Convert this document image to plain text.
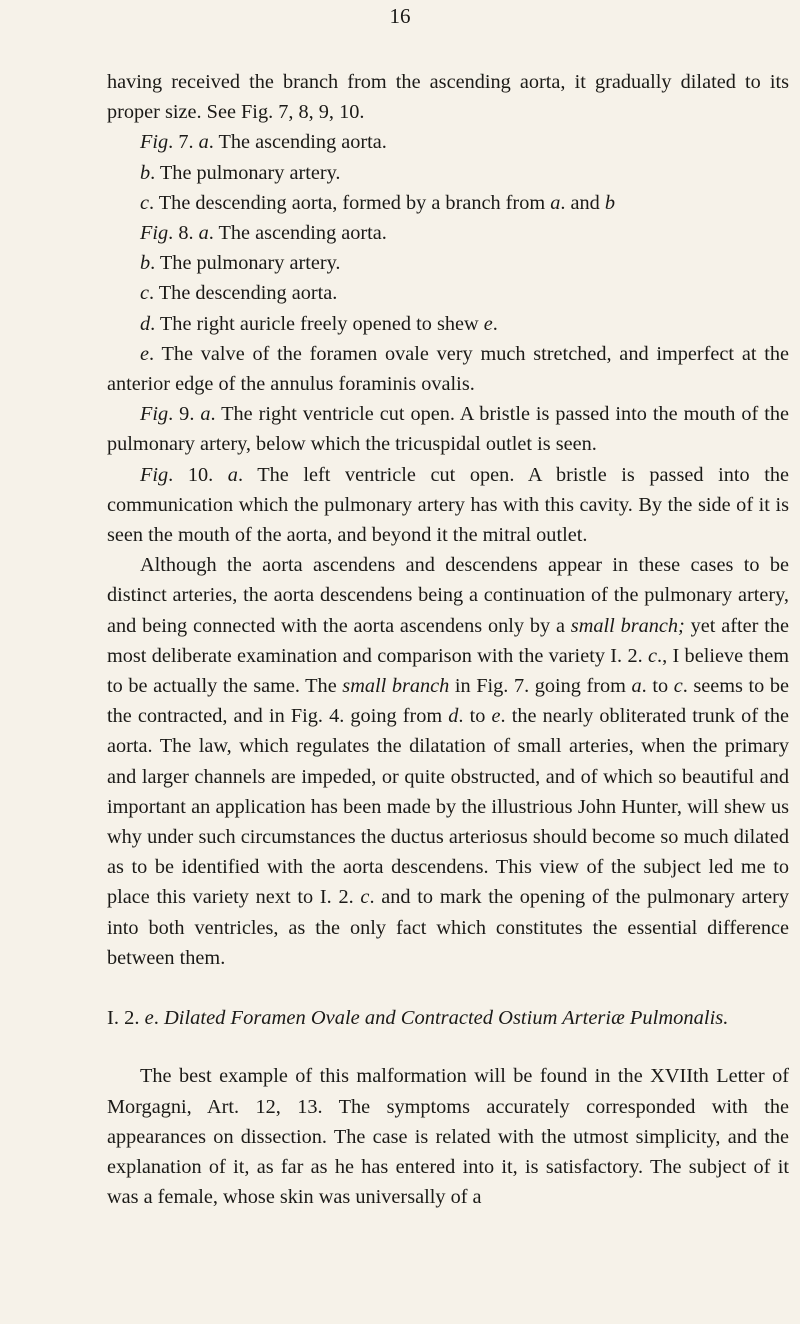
16

having received the branch from the ascending aorta, it gradually dilated to its proper size. See Fig. 7, 8, 9, 10.

Fig. 7. a. The ascending aorta.

b. The pulmonary artery.

c. The descending aorta, formed by a branch from a. and b

Fig. 8. a. The ascending aorta.

b. The pulmonary artery.

c. The descending aorta.

d. The right auricle freely opened to shew e.

e. The valve of the foramen ovale very much stretched, and imperfect at the anterior edge of the annulus foraminis ovalis.

Fig. 9. a. The right ventricle cut open. A bristle is passed into the mouth of the pulmonary artery, below which the tricuspidal outlet is seen.

Fig. 10. a. The left ventricle cut open. A bristle is passed into the communication which the pulmonary artery has with this cavity. By the side of it is seen the mouth of the aorta, and beyond it the mitral outlet.

Although the aorta ascendens and descendens appear in these cases to be distinct arteries, the aorta descendens being a continuation of the pulmonary artery, and being connected with the aorta ascendens only by a small branch; yet after the most deliberate examination and comparison with the variety I. 2. c., I believe them to be actually the same. The small branch in Fig. 7. going from a. to c. seems to be the contracted, and in Fig. 4. going from d. to e. the nearly obliterated trunk of the aorta. The law, which regulates the dilatation of small arteries, when the primary and larger channels are impeded, or quite obstructed, and of which so beautiful and important an application has been made by the illustrious John Hunter, will shew us why under such circumstances the ductus arteriosus should become so much dilated as to be identified with the aorta descendens. This view of the subject led me to place this variety next to I. 2. c. and to mark the opening of the pulmonary artery into both ventricles, as the only fact which constitutes the essential difference between them.

I. 2. e. Dilated Foramen Ovale and Contracted Ostium Arteriæ Pulmonalis.

The best example of this malformation will be found in the XVIIth Letter of Morgagni, Art. 12, 13. The symptoms accurately corresponded with the appearances on dissection. The case is related with the utmost simplicity, and the explanation of it, as far as he has entered into it, is satisfactory. The subject of it was a female, whose skin was universally of a
